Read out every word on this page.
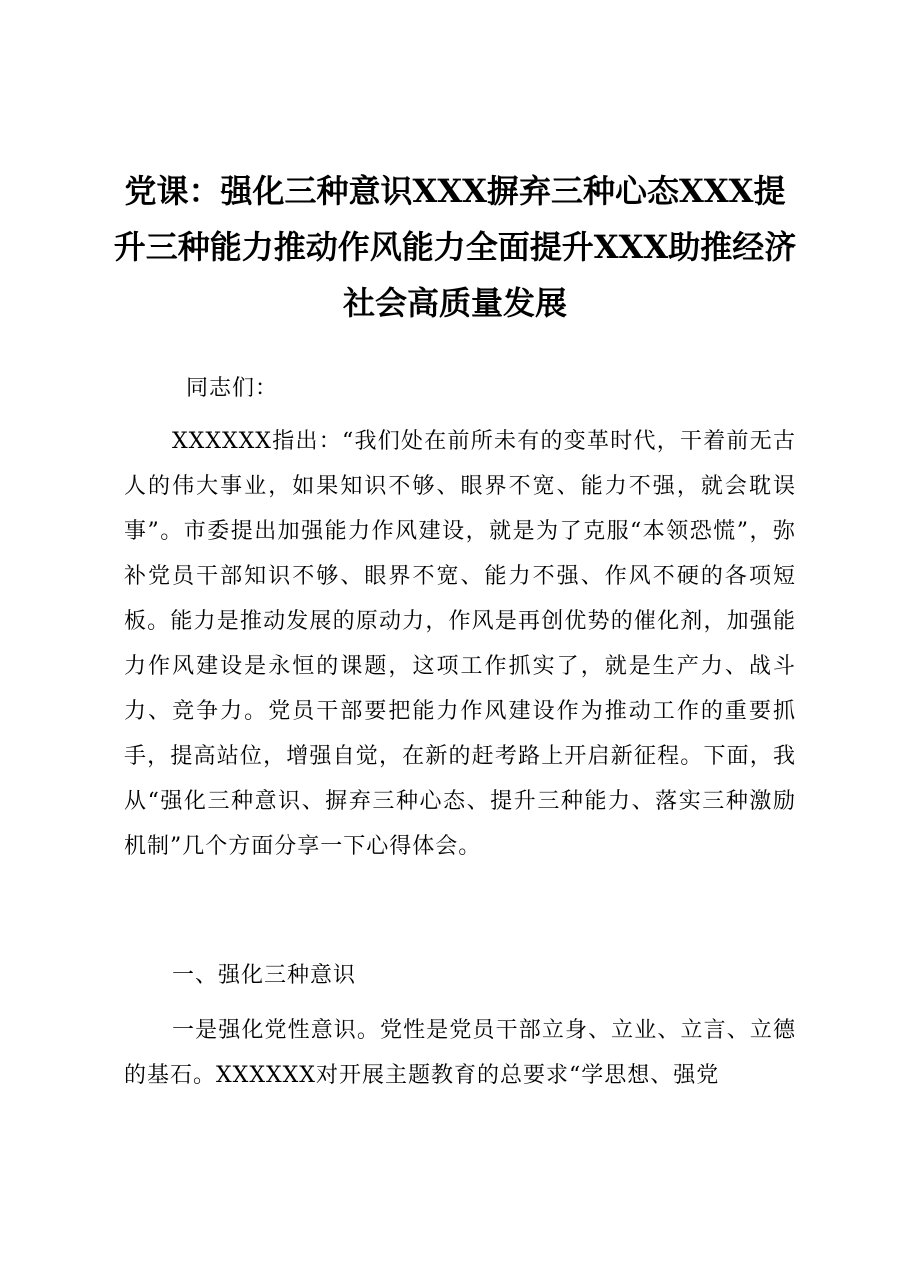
党课：强化三种意识XXX摒弃三种心态XXX提升三种能力推动作风能力全面提升XXX助推经济社会高质量发展

同志们：

XXXXXX指出：“我们处在前所未有的变革时代，干着前无古人的伟大事业，如果知识不够、眼界不宽、能力不强，就会耽误事”。市委提出加强能力作风建设，就是为了克服“本领恐慌”，弥补党员干部知识不够、眼界不宽、能力不强、作风不硬的各项短板。能力是推动发展的原动力，作风是再创优势的催化剂，加强能力作风建设是永恒的课题，这项工作抓实了，就是生产力、战斗力、竞争力。党员干部要把能力作风建设作为推动工作的重要抓手，提高站位，增强自觉，在新的赶考路上开启新征程。下面，我从“强化三种意识、摒弃三种心态、提升三种能力、落实三种激励机制”几个方面分享一下心得体会。

一、强化三种意识

一是强化党性意识。党性是党员干部立身、立业、立言、立德的基石。XXXXXX对开展主题教育的总要求“学思想、强党
